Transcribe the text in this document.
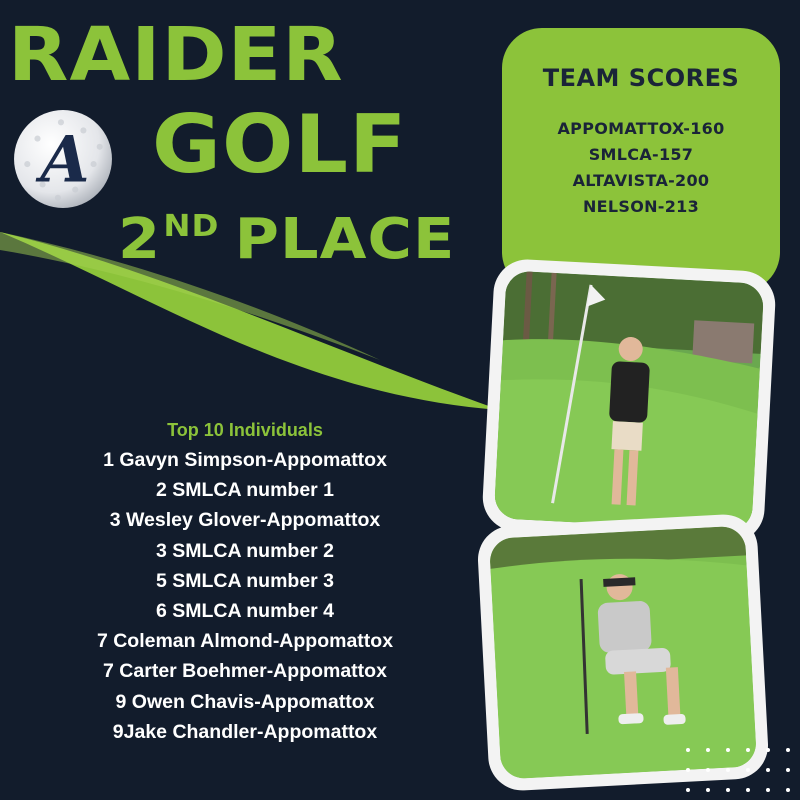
RAIDER
GOLF
2ND PLACE
A
TEAM SCORES
APPOMATTOX-160
SMLCA-157
ALTAVISTA-200
NELSON-213
Top 10 Individuals
1 Gavyn Simpson-Appomattox
2 SMLCA number 1
3 Wesley Glover-Appomattox
3 SMLCA number 2
5 SMLCA number 3
6 SMLCA number 4
7 Coleman Almond-Appomattox
7 Carter Boehmer-Appomattox
9 Owen Chavis-Appomattox
9Jake Chandler-Appomattox
